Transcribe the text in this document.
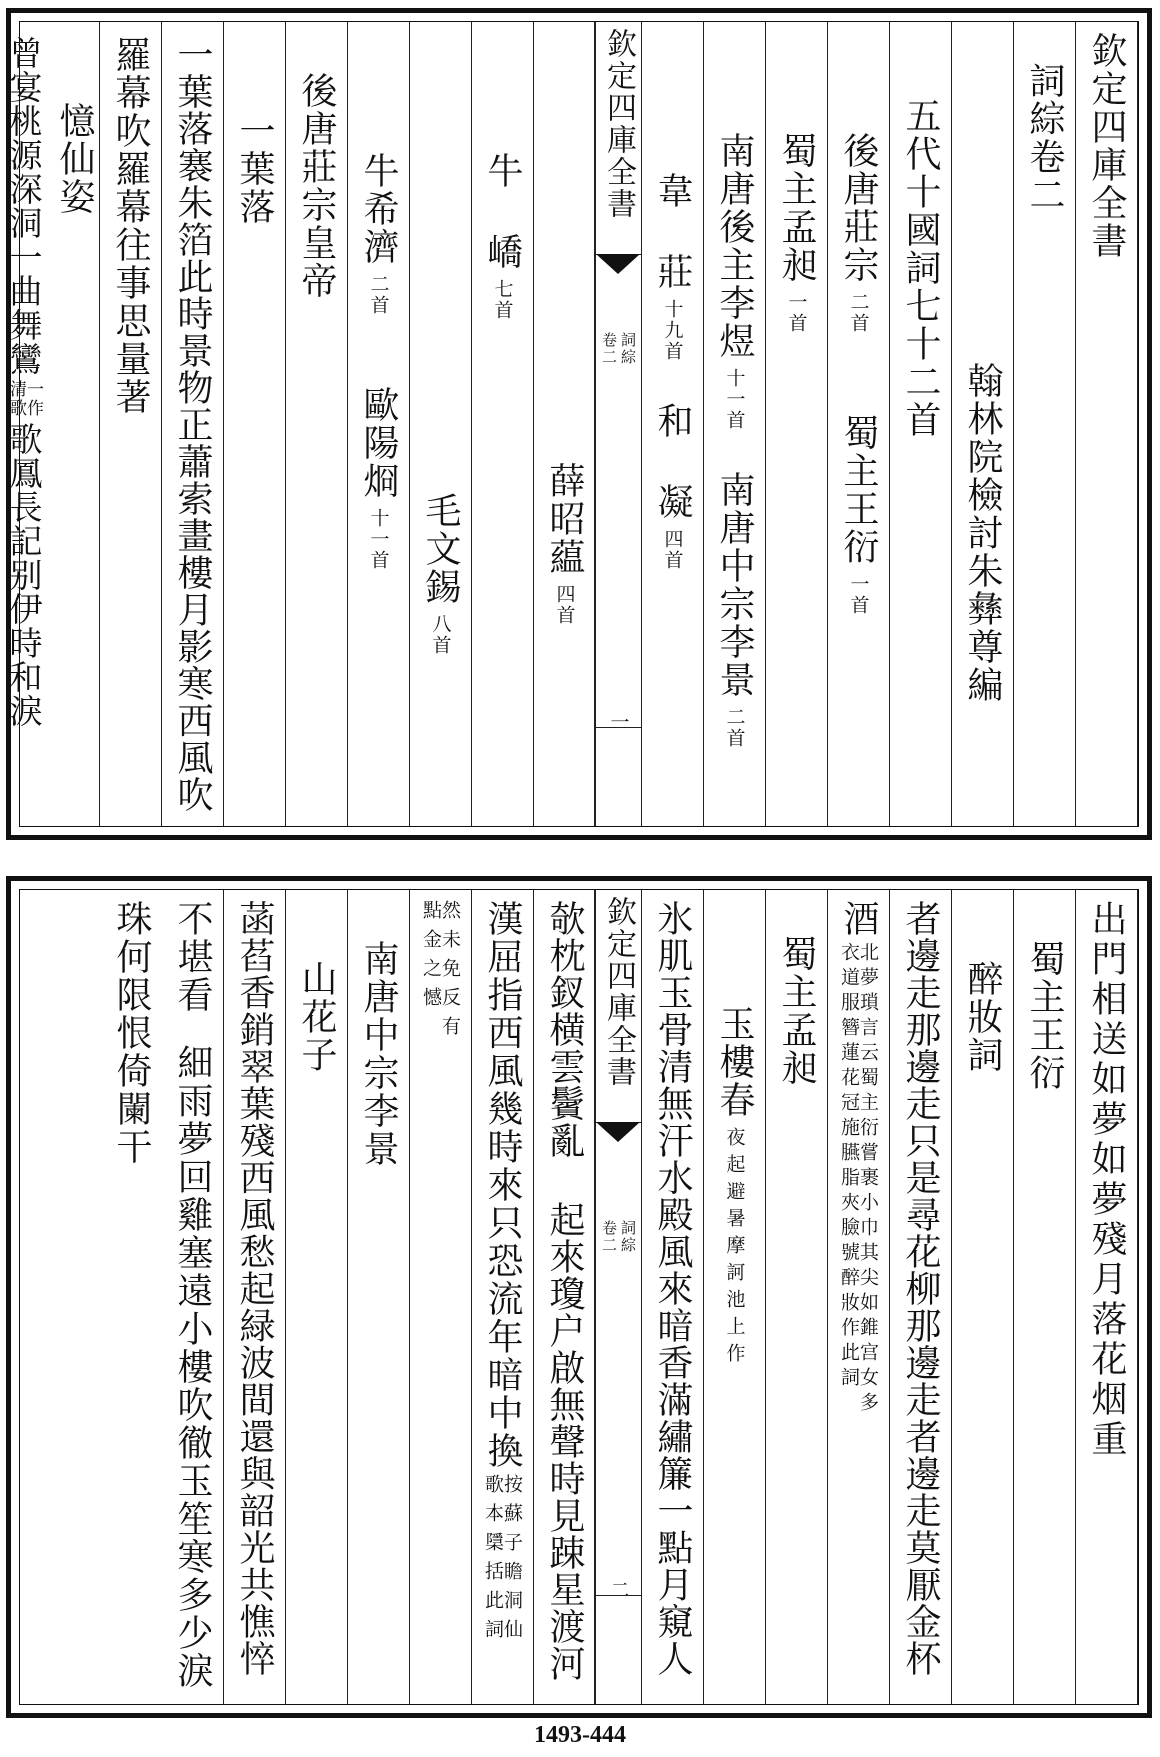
欽定四庫全書
詞綜卷二
翰林院檢討朱彝尊編
五代十國詞七十二首
後唐莊宗
二首
蜀主王衍
一首
蜀主孟昶
一首
南唐後主李煜
十一首
南唐中宗李景
二首
韋 莊
十九首
和 凝
四首
欽定四庫全書
詞綜
卷二
一
薛昭藴
四首
牛 嶠
七首
毛文錫
八首
牛希濟
二首
歐陽烱
十一首
後唐莊宗皇帝
一葉落
一葉落褰朱箔此時景物正蕭索畫樓月影寒西風吹
羅幕吹羅幕往事思量著
憶仙姿
曾宴桃源深洞一曲舞鸞
一作
清歌
歌鳳長記别伊時和淚
出門相送如夢如夢殘月落花烟重
蜀主王衍
醉妝詞
者邊走那邊走只是尋花柳那邊走者邊走莫厭金杯
酒
北夢瑣言云蜀主衍嘗裹小巾其尖如錐宫女多
衣道服簪蓮花冠施臙脂夾臉號醉妝作此詞
蜀主孟昶
玉樓春
夜起避暑摩訶池上作
氷肌玉骨清無汗水殿風來暗香滿繡簾一點月窺人
欽定四庫全書
詞綜
卷二
二
欹枕釵横雲鬢亂 起來瓊户啟無聲時見踈星渡河
漢屈指西風幾時來只恐流年暗中換
按蘇子瞻洞仙
歌本檃括此詞
然未免反有
點金之憾
南唐中宗李景
山花子
菡萏香銷翠葉殘西風愁起緑波間還與韶光共憔悴
不堪看
細雨夢回雞塞遠小樓吹徹玉笙寒多少淚
珠何限恨倚闌干
1493-444
